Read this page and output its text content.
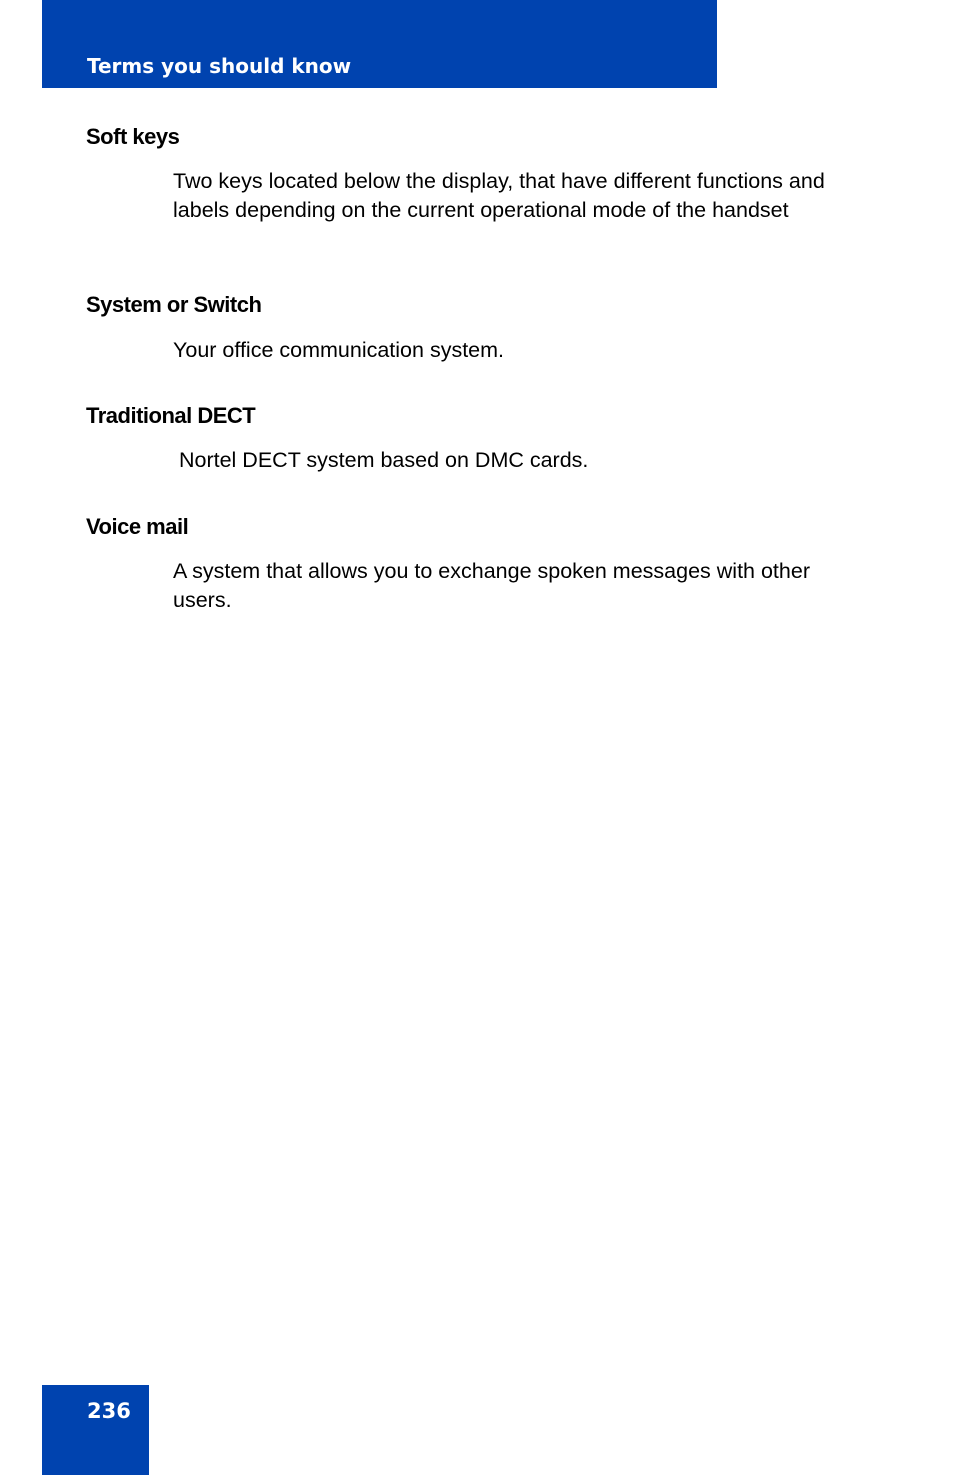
Terms you should know
Soft keys

Two keys located below the display, that have different functions and labels depending on the current operational mode of the handset

System or Switch

Your office communication system.

Traditional DECT

Nortel DECT system based on DMC cards.

Voice mail

A system that allows you to exchange spoken messages with other users.

236
